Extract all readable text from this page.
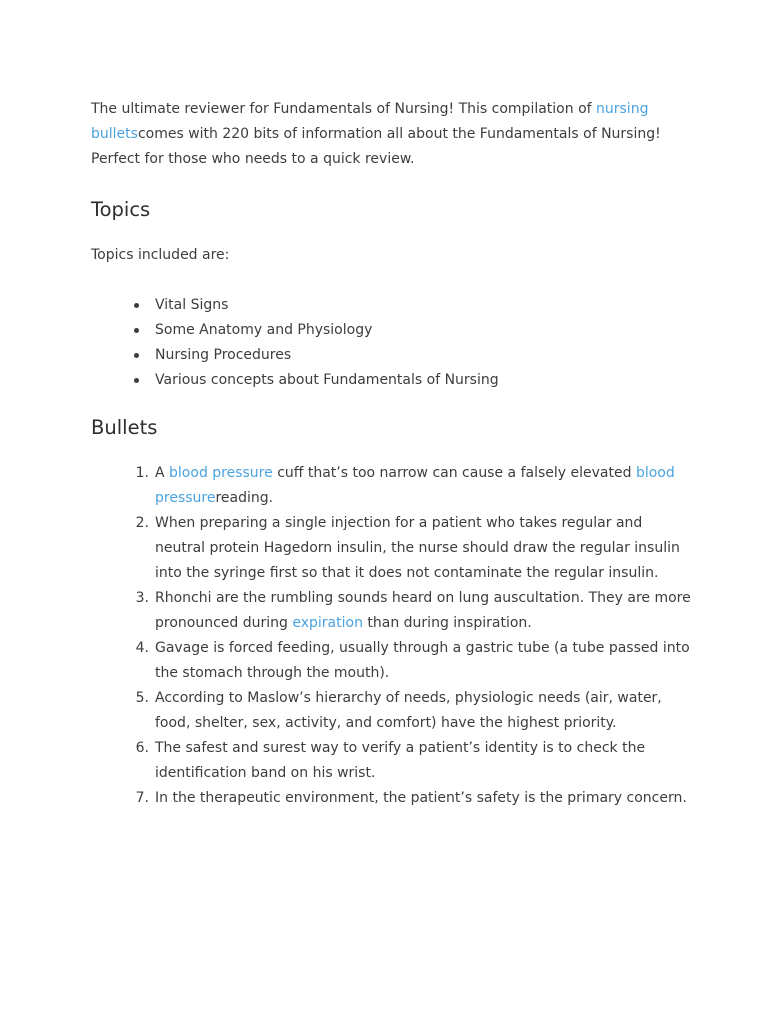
The ultimate reviewer for Fundamentals of Nursing! This compilation of nursing bulletscomes with 220 bits of information all about the Fundamentals of Nursing! Perfect for those who needs to a quick review.

Topics

Topics included are:

Vital Signs
Some Anatomy and Physiology
Nursing Procedures
Various concepts about Fundamentals of Nursing
Bullets
1. A blood pressure cuff that’s too narrow can cause a falsely elevated blood pressurereading.
2. When preparing a single injection for a patient who takes regular and neutral protein Hagedorn insulin, the nurse should draw the regular insulin into the syringe first so that it does not contaminate the regular insulin.
3. Rhonchi are the rumbling sounds heard on lung auscultation. They are more pronounced during expiration than during inspiration.
4. Gavage is forced feeding, usually through a gastric tube (a tube passed into the stomach through the mouth).
5. According to Maslow’s hierarchy of needs, physiologic needs (air, water, food, shelter, sex, activity, and comfort) have the highest priority.
6. The safest and surest way to verify a patient’s identity is to check the identification band on his wrist.
7. In the therapeutic environment, the patient’s safety is the primary concern.
